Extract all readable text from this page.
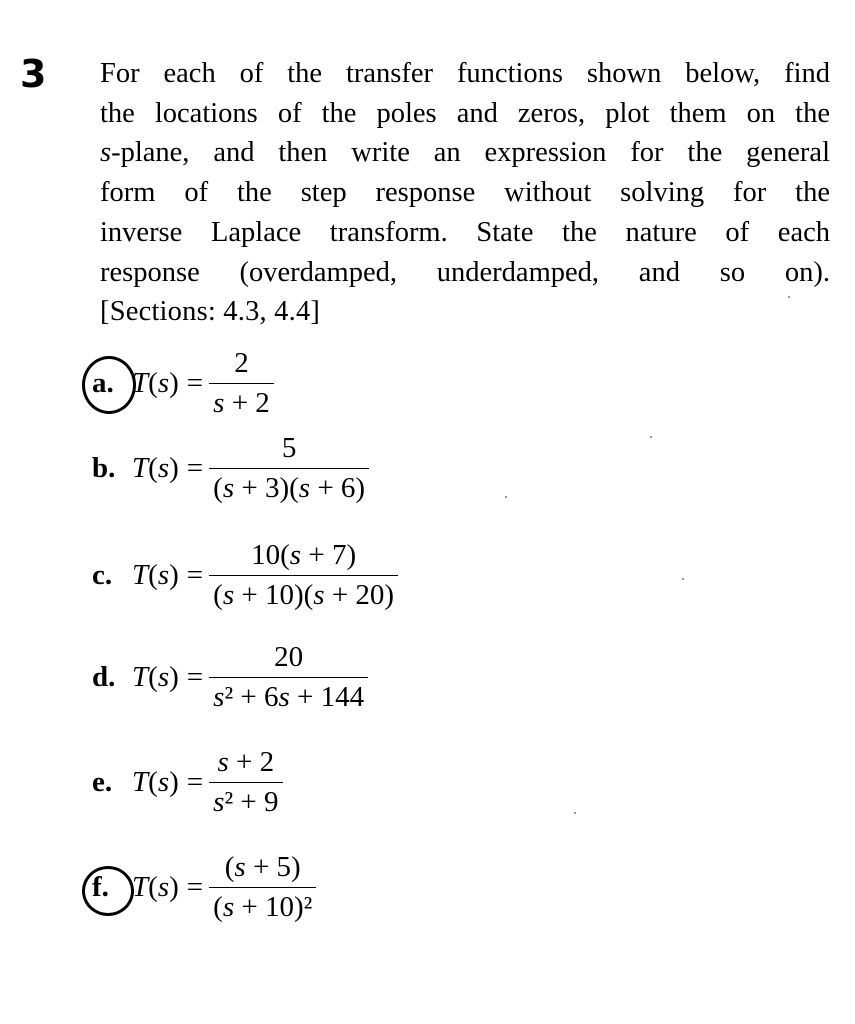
3 For each of the transfer functions shown below, find
the locations of the poles and zeros, plot them on the
s-plane, and then write an expression for the general
form of the step response without solving for the
inverse Laplace transform. State the nature of each
response (overdamped, underdamped, and so on).
[Sections: 4.3, 4.4]
a. $T(s) = \frac{2}{s + 2}$
b. $T(s) = \frac{5}{(s + 3)(s + 6)}$
c. $T(s) = \frac{10(s + 7)}{(s + 10)(s + 20)}$
d. $T(s) = \frac{20}{\text{s² + 6s + 144}}$
e. $T(s) = \frac{s + 2}{\text{s² + 9}}$
f. $T(s) = \frac{(s + 5)}{\text{(s + 10)²}}$
